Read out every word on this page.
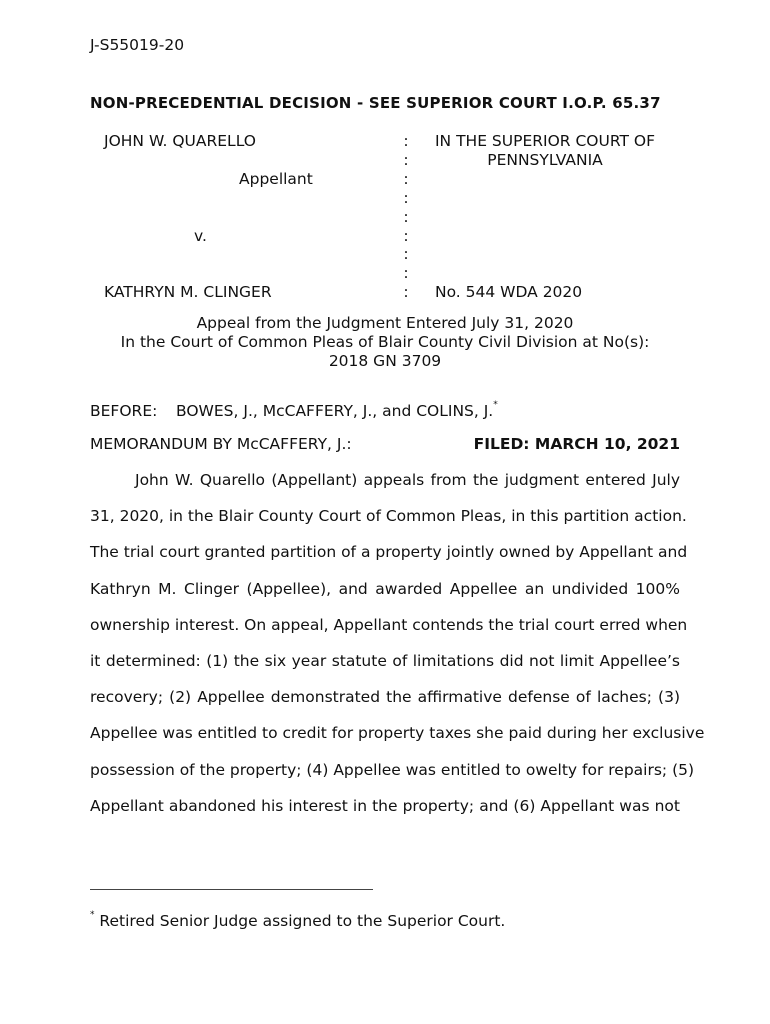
J-S55019-20
NON-PRECEDENTIAL DECISION - SEE SUPERIOR COURT I.O.P. 65.37
JOHN W. QUARELLO
Appellant
v.
KATHRYN M. CLINGER
:
:
:
:
:
:
:
:
:
IN THE SUPERIOR COURT OF
PENNSYLVANIA
No. 544 WDA 2020
Appeal from the Judgment Entered July 31, 2020
In the Court of Common Pleas of Blair County Civil Division at No(s):
2018 GN 3709
BEFORE: BOWES, J., McCAFFERY, J., and COLINS, J.*
MEMORANDUM BY McCAFFERY, J.:	FILED: MARCH 10, 2021
John W. Quarello (Appellant) appeals from the judgment entered July
31, 2020, in the Blair County Court of Common Pleas, in this partition action.
The trial court granted partition of a property jointly owned by Appellant and
Kathryn M. Clinger (Appellee), and awarded Appellee an undivided 100%
ownership interest. On appeal, Appellant contends the trial court erred when
it determined: (1) the six year statute of limitations did not limit Appellee’s
recovery; (2) Appellee demonstrated the affirmative defense of laches; (3)
Appellee was entitled to credit for property taxes she paid during her exclusive
possession of the property; (4) Appellee was entitled to owelty for repairs; (5)
Appellant abandoned his interest in the property; and (6) Appellant was not
* Retired Senior Judge assigned to the Superior Court.
